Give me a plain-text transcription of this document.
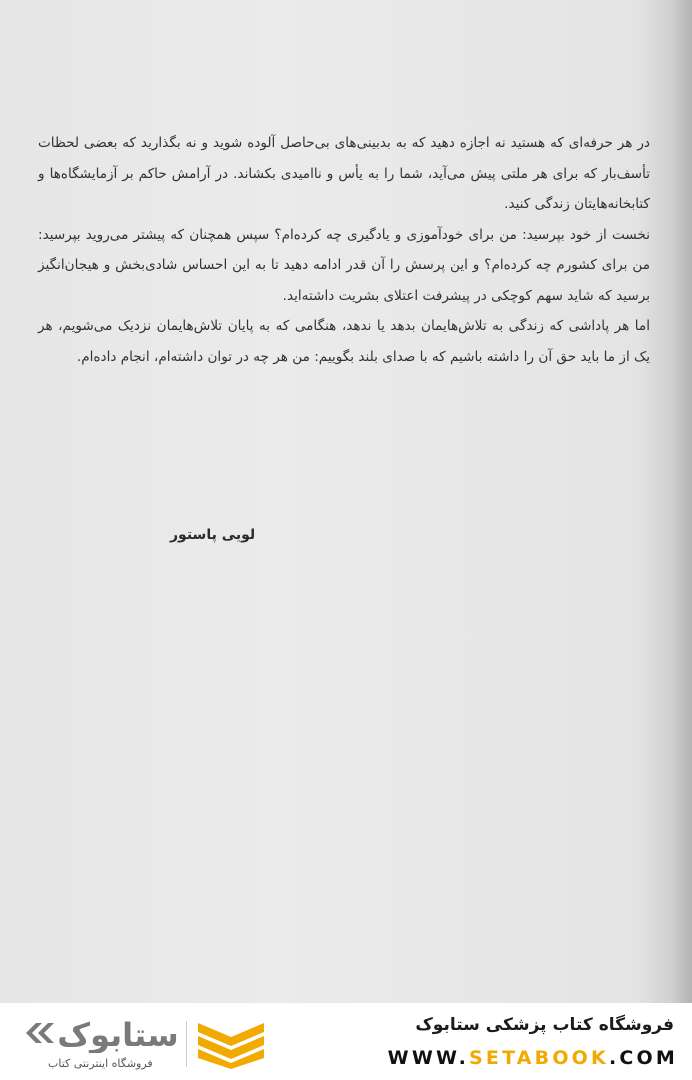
در هر حرفه‌ای که هستید نه اجازه دهید که به بدبینی‌های بی‌حاصل آلوده شوید و نه بگذارید که بعضی لحظات تأسف‌بار که برای هر ملتی پیش می‌آید، شما را به یأس و ناامیدی بکشاند. در آرامش حاکم بر آزمایشگاه‌ها و کتابخانه‌هایتان زندگی کنید.

نخست از خود بپرسید: من برای خودآموزی و یادگیری چه کرده‌ام؟ سپس همچنان که پیشتر می‌روید بپرسید: من برای کشورم چه کرده‌ام؟ و این پرسش را آن قدر ادامه دهید تا به این احساس شادی‌بخش و هیجان‌انگیز برسید که شاید سهم کوچکی در پیشرفت اعتلای بشریت داشته‌اید.

اما هر پاداشی که زندگی به تلاش‌هایمان بدهد یا ندهد، هنگامی که به پایان تلاش‌هایمان نزدیک می‌شویم، هر یک از ما باید حق آن را داشته باشیم که با صدای بلند بگوییم: من هر چه در توان داشته‌ام، انجام داده‌ام.

لویی پاستور
فروشگاه کتاب پزشکی ستابوک
WWW.SETABOOK.COM
ستابوک
فروشگاه اینترنتی کتاب
